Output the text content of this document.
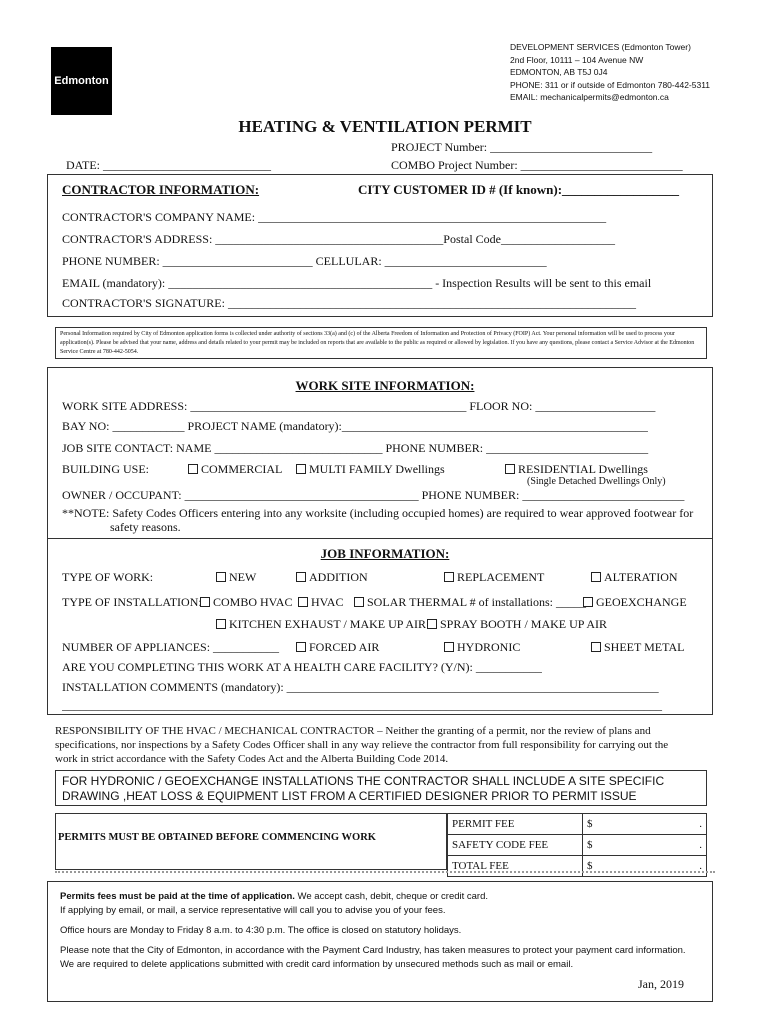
Edmonton
DEVELOPMENT SERVICES (Edmonton Tower)
2nd Floor, 10111 – 104 Avenue NW
EDMONTON, AB T5J 0J4
PHONE: 311 or if outside of Edmonton 780-442-5311
EMAIL: mechanicalpermits@edmonton.ca
HEATING & VENTILATION PERMIT
PROJECT Number: ___________________________
DATE: ____________________________	COMBO Project Number: ___________________________
CONTRACTOR INFORMATION:	CITY CUSTOMER ID # (If known):__________________
CONTRACTOR'S COMPANY NAME: __________________________________________________________
CONTRACTOR'S ADDRESS: ______________________________________Postal Code___________________
PHONE NUMBER: _________________________ CELLULAR: ___________________________
EMAIL (mandatory): ____________________________________________ - Inspection Results will be sent to this email
CONTRACTOR'S SIGNATURE: ____________________________________________________________________
Personal Information required by City of Edmonton application forms is collected under authority of sections 33(a) and (c) of the Alberta Freedom of Information and Protection of Privacy (FOIP) Act. Your personal information will be used to process your application(s). Please be advised that your name, address and details related to your permit may be included on reports that are available to the public as required or allowed by legislation. If you have any questions, please contact a Service Advisor at the Edmonton Service Centre at 780-442-5054.
WORK SITE INFORMATION:
WORK SITE ADDRESS: ______________________________________________ FLOOR NO: ____________________
BAY NO: ____________ PROJECT NAME (mandatory):___________________________________________________
JOB SITE CONTACT: NAME ____________________________ PHONE NUMBER: ___________________________
BUILDING USE:	COMMERCIAL	MULTI FAMILY Dwellings	RESIDENTIAL Dwellings
(Single Detached Dwellings Only)
OWNER / OCCUPANT: _______________________________________ PHONE NUMBER: ___________________________
**NOTE: Safety Codes Officers entering into any worksite (including occupied homes) are required to wear approved footwear for
safety reasons.
JOB INFORMATION:
TYPE OF WORK:	NEW	ADDITION	REPLACEMENT	ALTERATION
TYPE OF INSTALLATION: COMBO HVAC	HVAC	SOLAR THERMAL # of installations: _____ GEOEXCHANGE
KITCHEN EXHAUST / MAKE UP AIR	SPRAY BOOTH / MAKE UP AIR
NUMBER OF APPLIANCES: ___________	FORCED AIR	HYDRONIC	SHEET METAL
ARE YOU COMPLETING THIS WORK AT A HEALTH CARE FACILITY? (Y/N): ___________
INSTALLATION COMMENTS (mandatory): ______________________________________________________________
____________________________________________________________________________________________________
RESPONSIBILITY OF THE HVAC / MECHANICAL CONTRACTOR – Neither the granting of a permit, nor the review of plans and specifications, nor inspections by a Safety Codes Officer shall in any way relieve the contractor from full responsibility for carrying out the work in strict accordance with the Safety Codes Act and the Alberta Building Code 2014.
FOR HYDRONIC / GEOEXCHANGE INSTALLATIONS THE CONTRACTOR SHALL INCLUDE A SITE SPECIFIC DRAWING ,HEAT LOSS & EQUIPMENT LIST FROM A CERTIFIED DESIGNER PRIOR TO PERMIT ISSUE
PERMITS MUST BE OBTAINED BEFORE COMMENCING WORK
PERMIT FEE	$	.
SAFETY CODE FEE	$	.
TOTAL FEE	$	.

Permits fees must be paid at the time of application. We accept cash, debit, cheque or credit card.
If applying by email, or mail, a service representative will call you to advise you of your fees.

Office hours are Monday to Friday 8 a.m. to 4:30 p.m. The office is closed on statutory holidays.

Please note that the City of Edmonton, in accordance with the Payment Card Industry, has taken measures to protect your payment card information. We are required to delete applications submitted with credit card information by unsecured methods such as mail or email.

Jan, 2019
